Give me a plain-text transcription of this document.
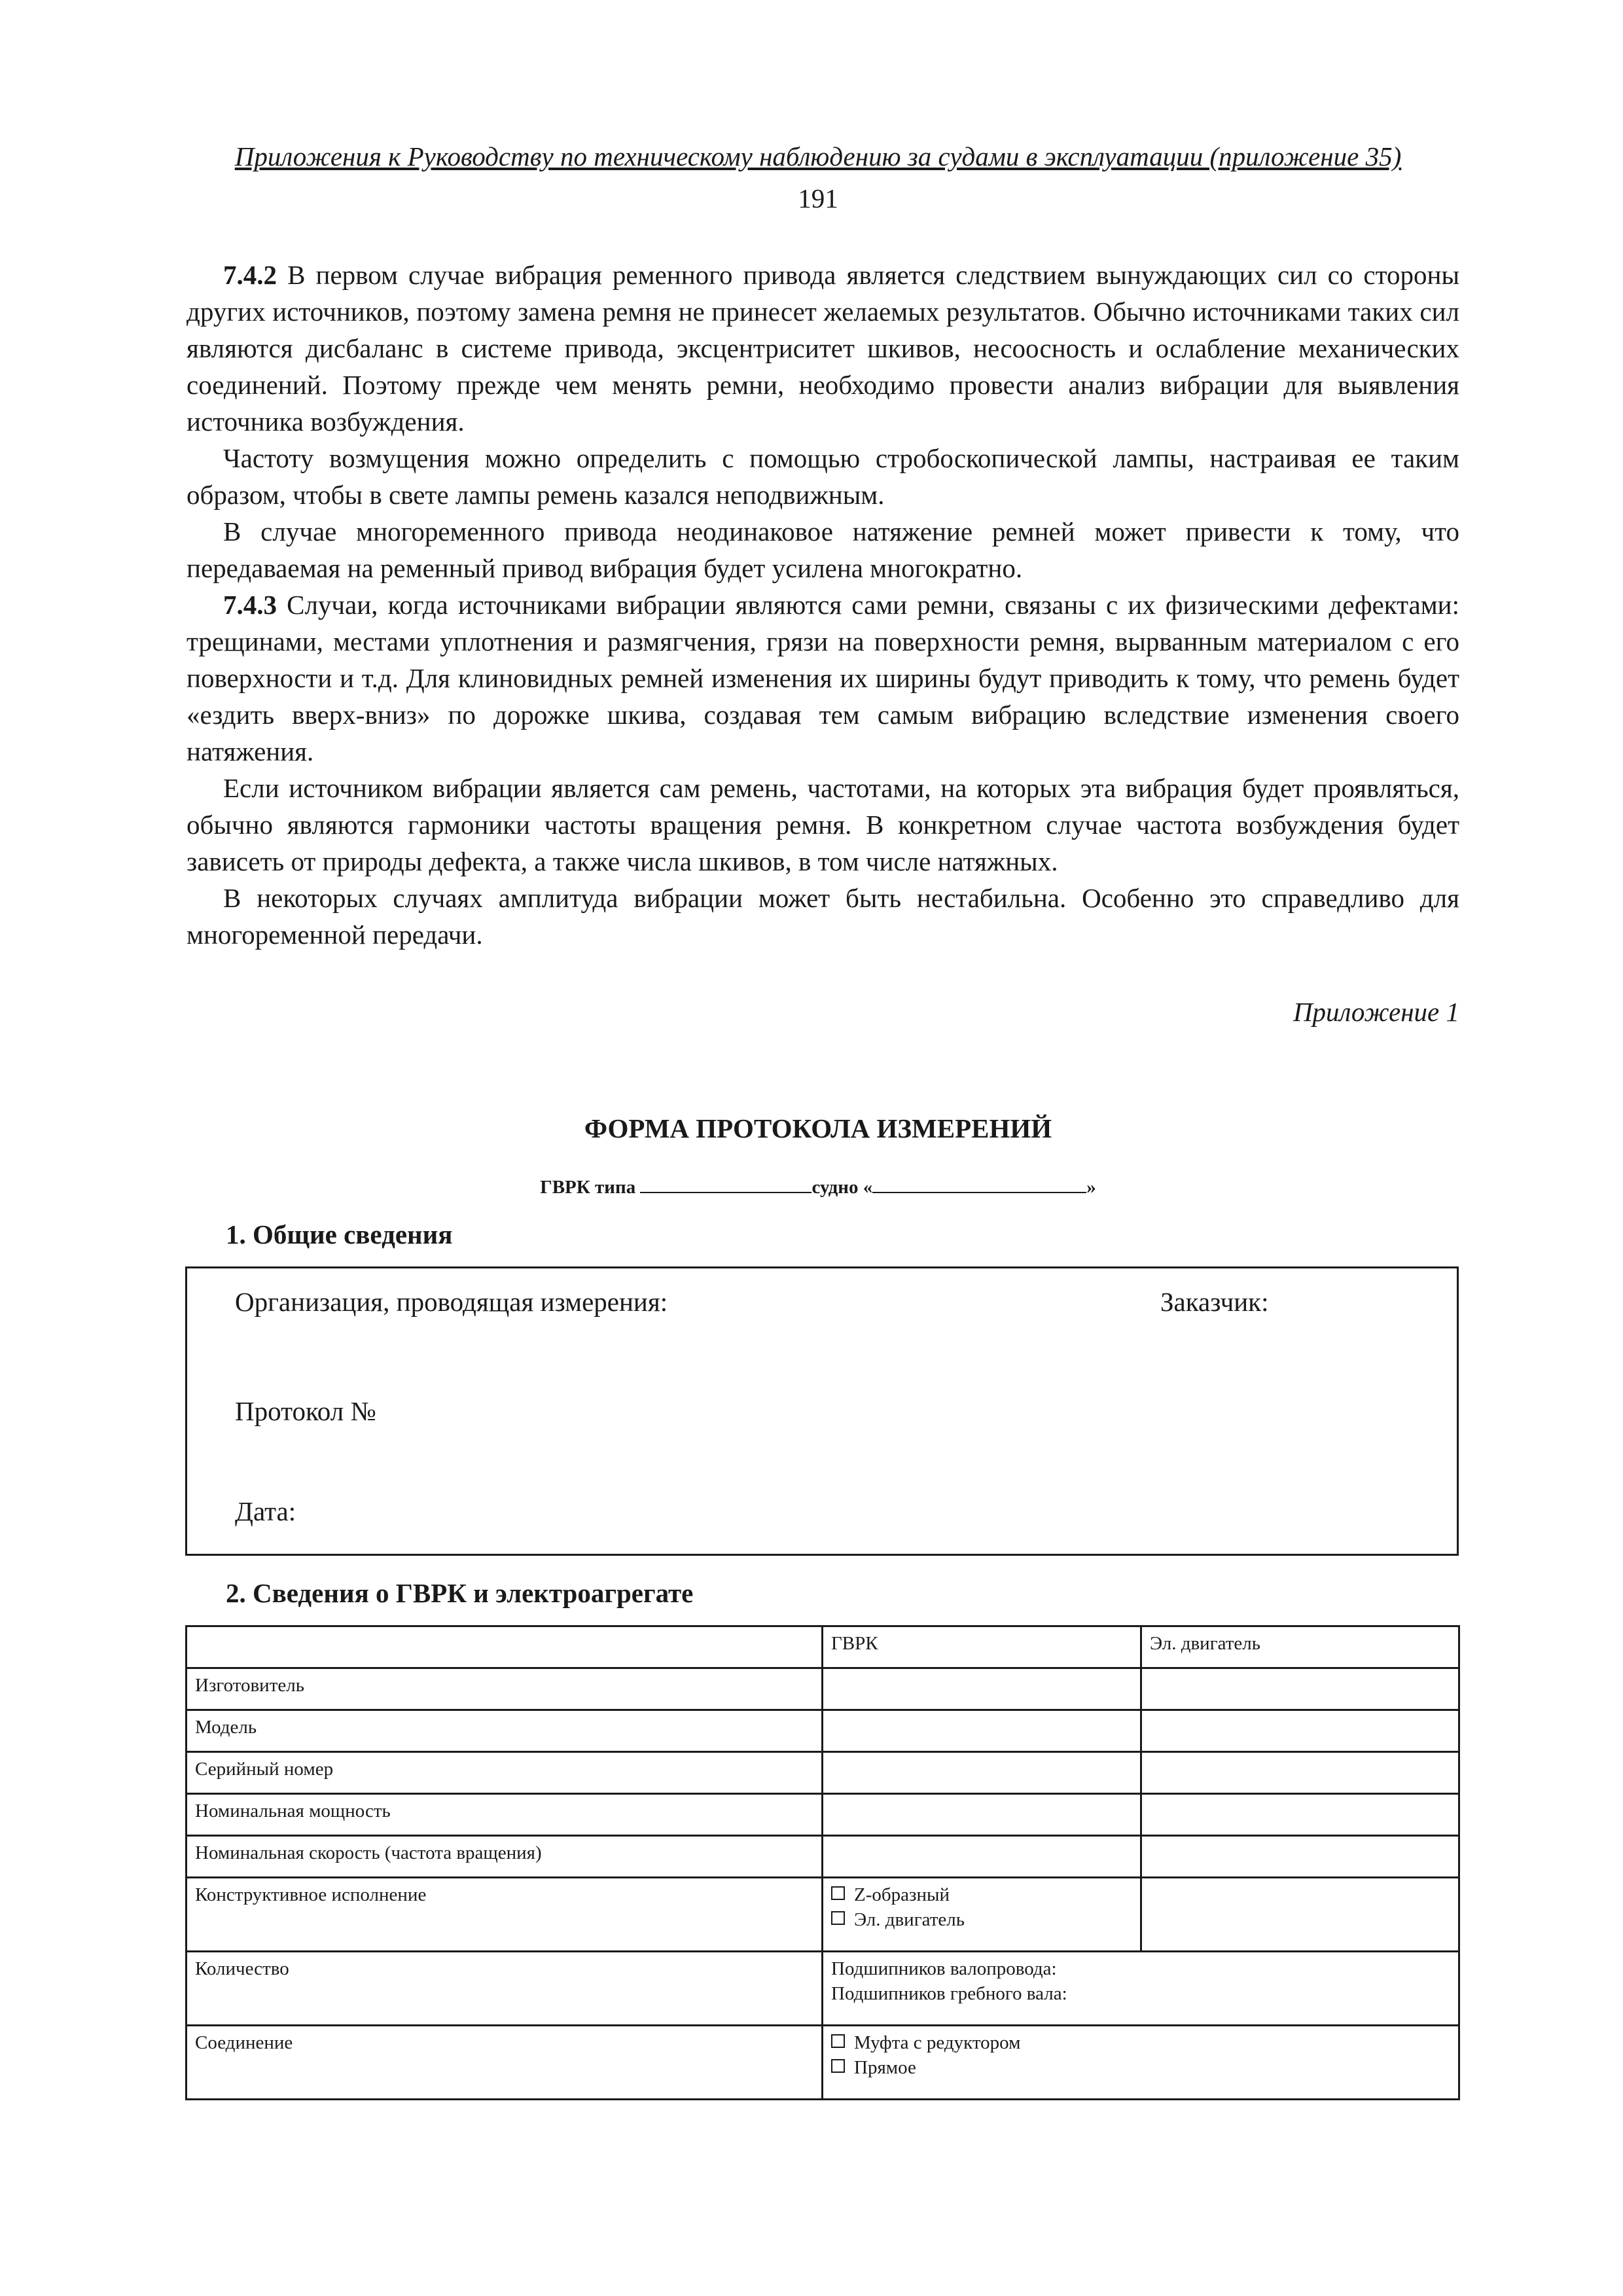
Приложения к Руководству по техническому наблюдению за судами в эксплуатации (приложение 35)
191

7.4.2 В первом случае вибрация ременного привода является следствием вынуждающих сил со стороны других источников, поэтому замена ремня не принесет желаемых результатов. Обычно источниками таких сил являются дисбаланс в системе привода, эксцентриситет шкивов, несоосность и ослабление механических соединений. Поэтому прежде чем менять ремни, необходимо провести анализ вибрации для выявления источника возбуждения.

Частоту возмущения можно определить с помощью стробоскопической лампы, настраивая ее таким образом, чтобы в свете лампы ремень казался неподвижным.

В случае многоременного привода неодинаковое натяжение ремней может привести к тому, что передаваемая на ременный привод вибрация будет усилена многократно.

7.4.3 Случаи, когда источниками вибрации являются сами ремни, связаны с их физическими дефектами: трещинами, местами уплотнения и размягчения, грязи на поверхности ремня, вырванным материалом с его поверхности и т.д. Для клиновидных ремней изменения их ширины будут приводить к тому, что ремень будет «ездить вверх-вниз» по дорожке шкива, создавая тем самым вибрацию вследствие изменения своего натяжения.

Если источником вибрации является сам ремень, частотами, на которых эта вибрация будет проявляться, обычно являются гармоники частоты вращения ремня. В конкретном случае частота возбуждения будет зависеть от природы дефекта, а также числа шкивов, в том числе натяжных.

В некоторых случаях амплитуда вибрации может быть нестабильна. Особенно это справедливо для многоременной передачи.

Приложение 1
ФОРМА ПРОТОКОЛА ИЗМЕРЕНИЙ
ГВРК типа	судно «	»
1. Общие сведения
Организация, проводящая измерения:	Заказчик:
Протокол №
Дата:
2. Сведения о ГВРК и электроагрегате
	ГВРК	Эл. двигатель
Изготовитель		
Модель		
Серийный номер		
Номинальная мощность		
Номинальная скорость (частота вращения)		
Конструктивное исполнение	Z-образный
Эл. двигатель	

Количество	Подшипников валопровода:
Подшипников гребного вала:	

Соединение	Муфта с редуктором
Прямое	
